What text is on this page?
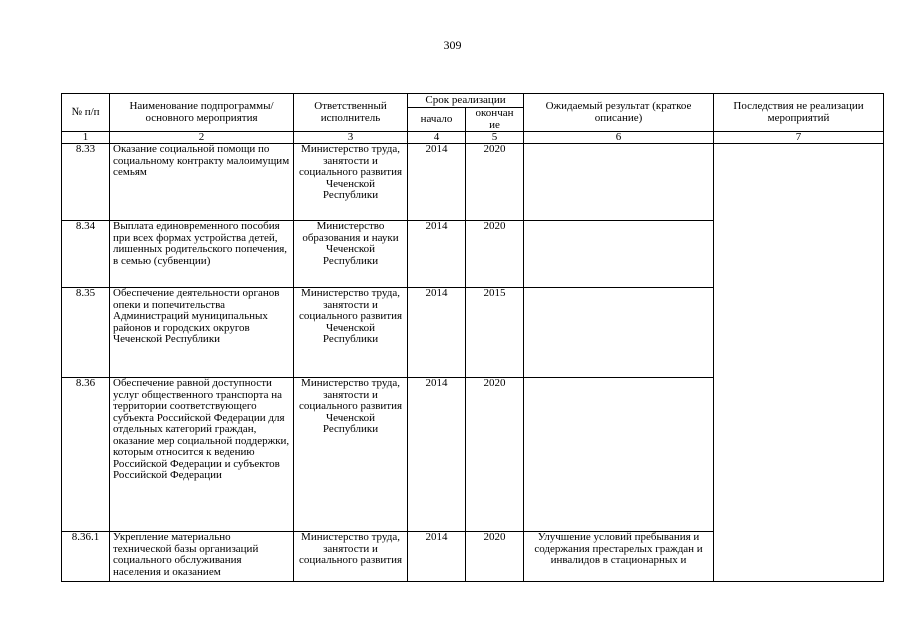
309
№ п/п	Наименование подпрограммы/ основного мероприятия	Ответственный исполнитель	Срок реализации		Ожидаемый результат (краткое описание)	Последствия не реализации мероприятий
			начало	окончан ие		
1	2	3	4	5	6	7
8.33	Оказание социальной помощи по социальному контракту малоимущим семьям	Министерство труда, занятости и социального развития Чеченской Республики	2014	2020		
8.34	Выплата единовременного пособия при всех формах устройства детей, лишенных родительского попечения, в семью (субвенции)	Министерство образования и науки Чеченской Республики	2014	2020		
8.35	Обеспечение деятельности органов опеки и попечительства Администраций муниципальных районов и городских округов Чеченской Республики	Министерство труда, занятости и социального развития Чеченской Республики	2014	2015		
8.36	Обеспечение равной доступности услуг общественного транспорта на территории соответствующего субъекта Российской Федерации для отдельных категорий граждан, оказание мер социальной поддержки, которым относится к ведению Российской Федерации и субъектов Российской Федерации	Министерство труда, занятости и социального развития Чеченской Республики	2014	2020		
8.36.1	Укрепление материально технической базы организаций социального обслуживания населения и оказанием	Министерство труда, занятости и социального развития	2014	2020	Улучшение условий пребывания и содержания престарелых граждан и инвалидов в стационарных и	
